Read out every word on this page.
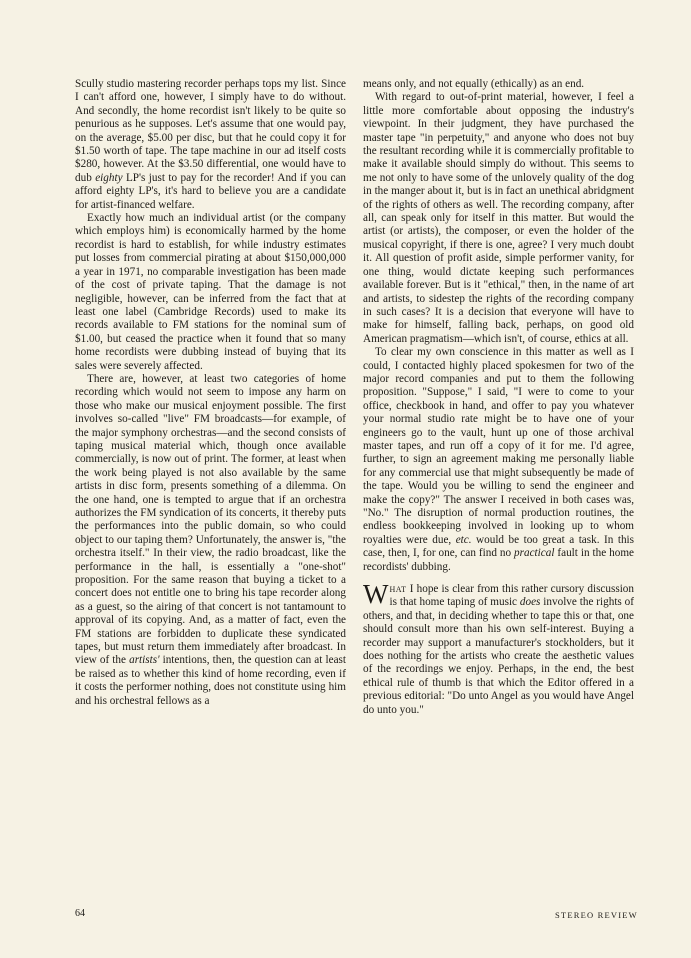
Scully studio mastering recorder perhaps tops my list. Since I can't afford one, however, I simply have to do without. And secondly, the home recordist isn't likely to be quite so penurious as he supposes. Let's assume that one would pay, on the average, $5.00 per disc, but that he could copy it for $1.50 worth of tape. The tape machine in our ad itself costs $280, however. At the $3.50 differential, one would have to dub eighty LP's just to pay for the recorder! And if you can afford eighty LP's, it's hard to believe you are a candidate for artist-financed welfare.

Exactly how much an individual artist (or the company which employs him) is economically harmed by the home recordist is hard to establish, for while industry estimates put losses from commercial pirating at about $150,000,000 a year in 1971, no comparable investigation has been made of the cost of private taping. That the damage is not negligible, however, can be inferred from the fact that at least one label (Cambridge Records) used to make its records available to FM stations for the nominal sum of $1.00, but ceased the practice when it found that so many home recordists were dubbing instead of buying that its sales were severely affected.

There are, however, at least two categories of home recording which would not seem to impose any harm on those who make our musical enjoyment possible. The first involves so-called "live" FM broadcasts—for example, of the major symphony orchestras—and the second consists of taping musical material which, though once available commercially, is now out of print. The former, at least when the work being played is not also available by the same artists in disc form, presents something of a dilemma. On the one hand, one is tempted to argue that if an orchestra authorizes the FM syndication of its concerts, it thereby puts the performances into the public domain, so who could object to our taping them? Unfortunately, the answer is, "the orchestra itself." In their view, the radio broadcast, like the performance in the hall, is essentially a "one-shot" proposition. For the same reason that buying a ticket to a concert does not entitle one to bring his tape recorder along as a guest, so the airing of that concert is not tantamount to approval of its copying. And, as a matter of fact, even the FM stations are forbidden to duplicate these syndicated tapes, but must return them immediately after broadcast. In view of the artists' intentions, then, the question can at least be raised as to whether this kind of home recording, even if it costs the performer nothing, does not constitute using him and his orchestral fellows as a

means only, and not equally (ethically) as an end.

With regard to out-of-print material, however, I feel a little more comfortable about opposing the industry's viewpoint. In their judgment, they have purchased the master tape "in perpetuity," and anyone who does not buy the resultant recording while it is commercially profitable to make it available should simply do without. This seems to me not only to have some of the unlovely quality of the dog in the manger about it, but is in fact an unethical abridgment of the rights of others as well. The recording company, after all, can speak only for itself in this matter. But would the artist (or artists), the composer, or even the holder of the musical copyright, if there is one, agree? I very much doubt it. All question of profit aside, simple performer vanity, for one thing, would dictate keeping such performances available forever. But is it "ethical," then, in the name of art and artists, to sidestep the rights of the recording company in such cases? It is a decision that everyone will have to make for himself, falling back, perhaps, on good old American pragmatism—which isn't, of course, ethics at all.

To clear my own conscience in this matter as well as I could, I contacted highly placed spokesmen for two of the major record companies and put to them the following proposition. "Suppose," I said, "I were to come to your office, checkbook in hand, and offer to pay you whatever your normal studio rate might be to have one of your engineers go to the vault, hunt up one of those archival master tapes, and run off a copy of it for me. I'd agree, further, to sign an agreement making me personally liable for any commercial use that might subsequently be made of the tape. Would you be willing to send the engineer and make the copy?" The answer I received in both cases was, "No." The disruption of normal production routines, the endless bookkeeping involved in looking up to whom royalties were due, etc. would be too great a task. In this case, then, I, for one, can find no practical fault in the home recordists' dubbing.

What I hope is clear from this rather cursory discussion is that home taping of music does involve the rights of others, and that, in deciding whether to tape this or that, one should consult more than his own self-interest. Buying a recorder may support a manufacturer's stockholders, but it does nothing for the artists who create the aesthetic values of the recordings we enjoy. Perhaps, in the end, the best ethical rule of thumb is that which the Editor offered in a previous editorial: "Do unto Angel as you would have Angel do unto you."

64	STEREO REVIEW
